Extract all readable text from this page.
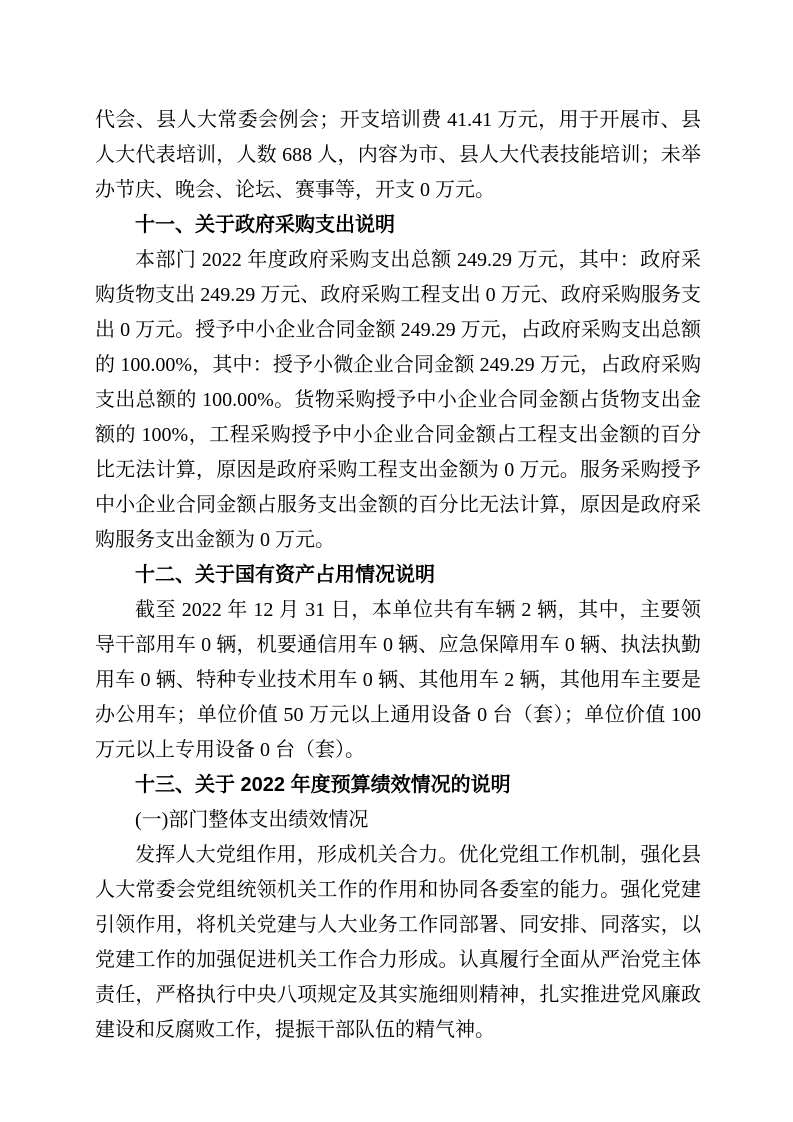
代会、县人大常委会例会；开支培训费 41.41 万元，用于开展市、县人大代表培训，人数 688 人，内容为市、县人大代表技能培训；未举办节庆、晚会、论坛、赛事等，开支 0 万元。

十一、关于政府采购支出说明

本部门 2022 年度政府采购支出总额 249.29 万元，其中：政府采购货物支出 249.29 万元、政府采购工程支出 0 万元、政府采购服务支出 0 万元。授予中小企业合同金额 249.29 万元，占政府采购支出总额的 100.00%，其中：授予小微企业合同金额 249.29 万元，占政府采购支出总额的 100.00%。货物采购授予中小企业合同金额占货物支出金额的 100%，工程采购授予中小企业合同金额占工程支出金额的百分比无法计算，原因是政府采购工程支出金额为 0 万元。服务采购授予中小企业合同金额占服务支出金额的百分比无法计算，原因是政府采购服务支出金额为 0 万元。

十二、关于国有资产占用情况说明

截至 2022 年 12 月 31 日，本单位共有车辆 2 辆，其中，主要领导干部用车 0 辆，机要通信用车 0 辆、应急保障用车 0 辆、执法执勤用车 0 辆、特种专业技术用车 0 辆、其他用车 2 辆，其他用车主要是办公用车；单位价值 50 万元以上通用设备 0 台（套）；单位价值 100 万元以上专用设备 0 台（套）。

十三、关于 2022 年度预算绩效情况的说明

(一)部门整体支出绩效情况

发挥人大党组作用，形成机关合力。优化党组工作机制，强化县人大常委会党组统领机关工作的作用和协同各委室的能力。强化党建引领作用，将机关党建与人大业务工作同部署、同安排、同落实，以党建工作的加强促进机关工作合力形成。认真履行全面从严治党主体责任，严格执行中央八项规定及其实施细则精神，扎实推进党风廉政建设和反腐败工作，提振干部队伍的精气神。
